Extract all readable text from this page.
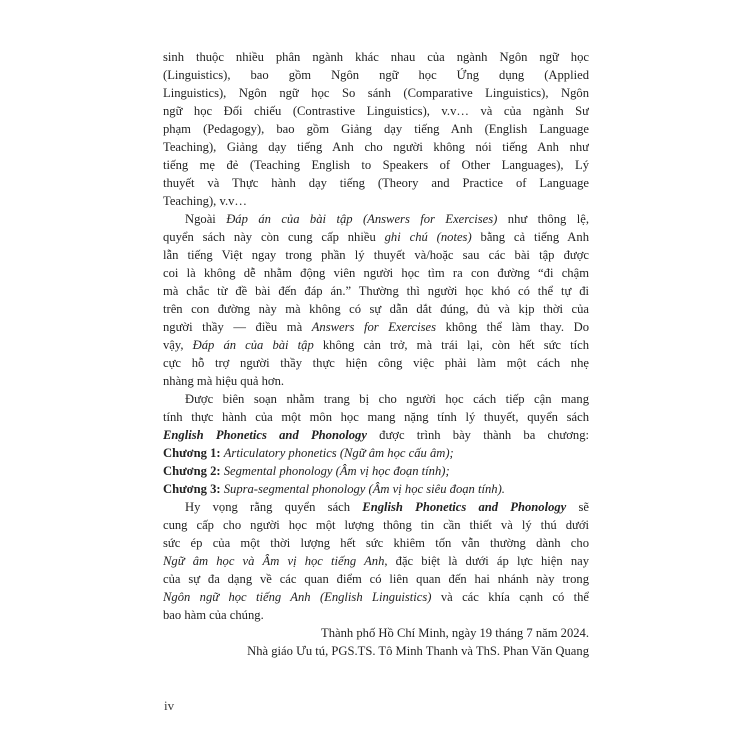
sinh thuộc nhiều phân ngành khác nhau của ngành Ngôn ngữ học
(Linguistics), bao gồm Ngôn ngữ học Ứng dụng (Applied
Linguistics), Ngôn ngữ học So sánh (Comparative Linguistics), Ngôn
ngữ học Đối chiếu (Contrastive Linguistics), v.v… và của ngành Sư
phạm (Pedagogy), bao gồm Giảng dạy tiếng Anh (English Language
Teaching), Giảng dạy tiếng Anh cho người không nói tiếng Anh như
tiếng mẹ đẻ (Teaching English to Speakers of Other Languages), Lý
thuyết và Thực hành dạy tiếng (Theory and Practice of Language
Teaching), v.v…
Ngoài Đáp án của bài tập (Answers for Exercises) như thông lệ,
quyển sách này còn cung cấp nhiều ghi chú (notes) bằng cả tiếng Anh
lẫn tiếng Việt ngay trong phần lý thuyết và/hoặc sau các bài tập được
coi là không dễ nhằm động viên người học tìm ra con đường “đi chậm
mà chắc từ đề bài đến đáp án.” Thường thì người học khó có thể tự đi
trên con đường này mà không có sự dẫn dắt đúng, đủ và kịp thời của
người thầy — điều mà Answers for Exercises không thể làm thay. Do
vậy, Đáp án của bài tập không cản trở, mà trái lại, còn hết sức tích
cực hỗ trợ người thầy thực hiện công việc phải làm một cách nhẹ
nhàng mà hiệu quả hơn.
Được biên soạn nhằm trang bị cho người học cách tiếp cận mang
tính thực hành của một môn học mang nặng tính lý thuyết, quyển sách
English Phonetics and Phonology được trình bày thành ba chương:
Chương 1: Articulatory phonetics (Ngữ âm học cấu âm);
Chương 2: Segmental phonology (Âm vị học đoạn tính);
Chương 3: Supra-segmental phonology (Âm vị học siêu đoạn tính).
Hy vọng rằng quyển sách English Phonetics and Phonology sẽ
cung cấp cho người học một lượng thông tin cần thiết và lý thú dưới
sức ép của một thời lượng hết sức khiêm tốn vẫn thường dành cho
Ngữ âm học và Âm vị học tiếng Anh, đặc biệt là dưới áp lực hiện nay
của sự đa dạng về các quan điểm có liên quan đến hai nhánh này trong
Ngôn ngữ học tiếng Anh (English Linguistics) và các khía cạnh có thể
bao hàm của chúng.
Thành phố Hồ Chí Minh, ngày 19 tháng 7 năm 2024.
Nhà giáo Ưu tú, PGS.TS. Tô Minh Thanh và ThS. Phan Văn Quang
iv
